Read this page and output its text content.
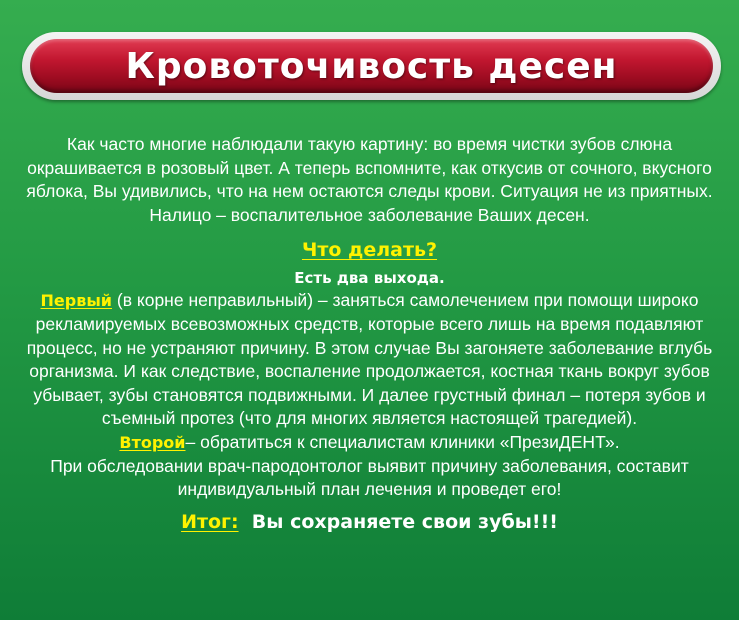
Кровоточивость десен

Как часто многие наблюдали такую картину: во время чистки зубов слюна окрашивается в розовый цвет. А теперь вспомните, как откусив от сочного, вкусного яблока, Вы удивились, что на нем остаются следы крови. Ситуация не из приятных. Налицо – воспалительное заболевание Ваших десен.

Что делать?
Есть два выхода.

Первый (в корне неправильный) – заняться самолечением при помощи широко рекламируемых всевозможных средств, которые всего лишь на время подавляют процесс, но не устраняют причину. В этом случае Вы загоняете заболевание вглубь организма. И как следствие, воспаление продолжается, костная ткань вокруг зубов убывает, зубы становятся подвижными. И далее грустный финал – потеря зубов и съемный протез (что для многих является настоящей трагедией).

Второй– обратиться к специалистам клиники «ПрезиДЕНТ».

При обследовании врач-пародонтолог выявит причину заболевания, составит индивидуальный план лечения и проведет его!

Итог: Вы сохраняете свои зубы!!!
